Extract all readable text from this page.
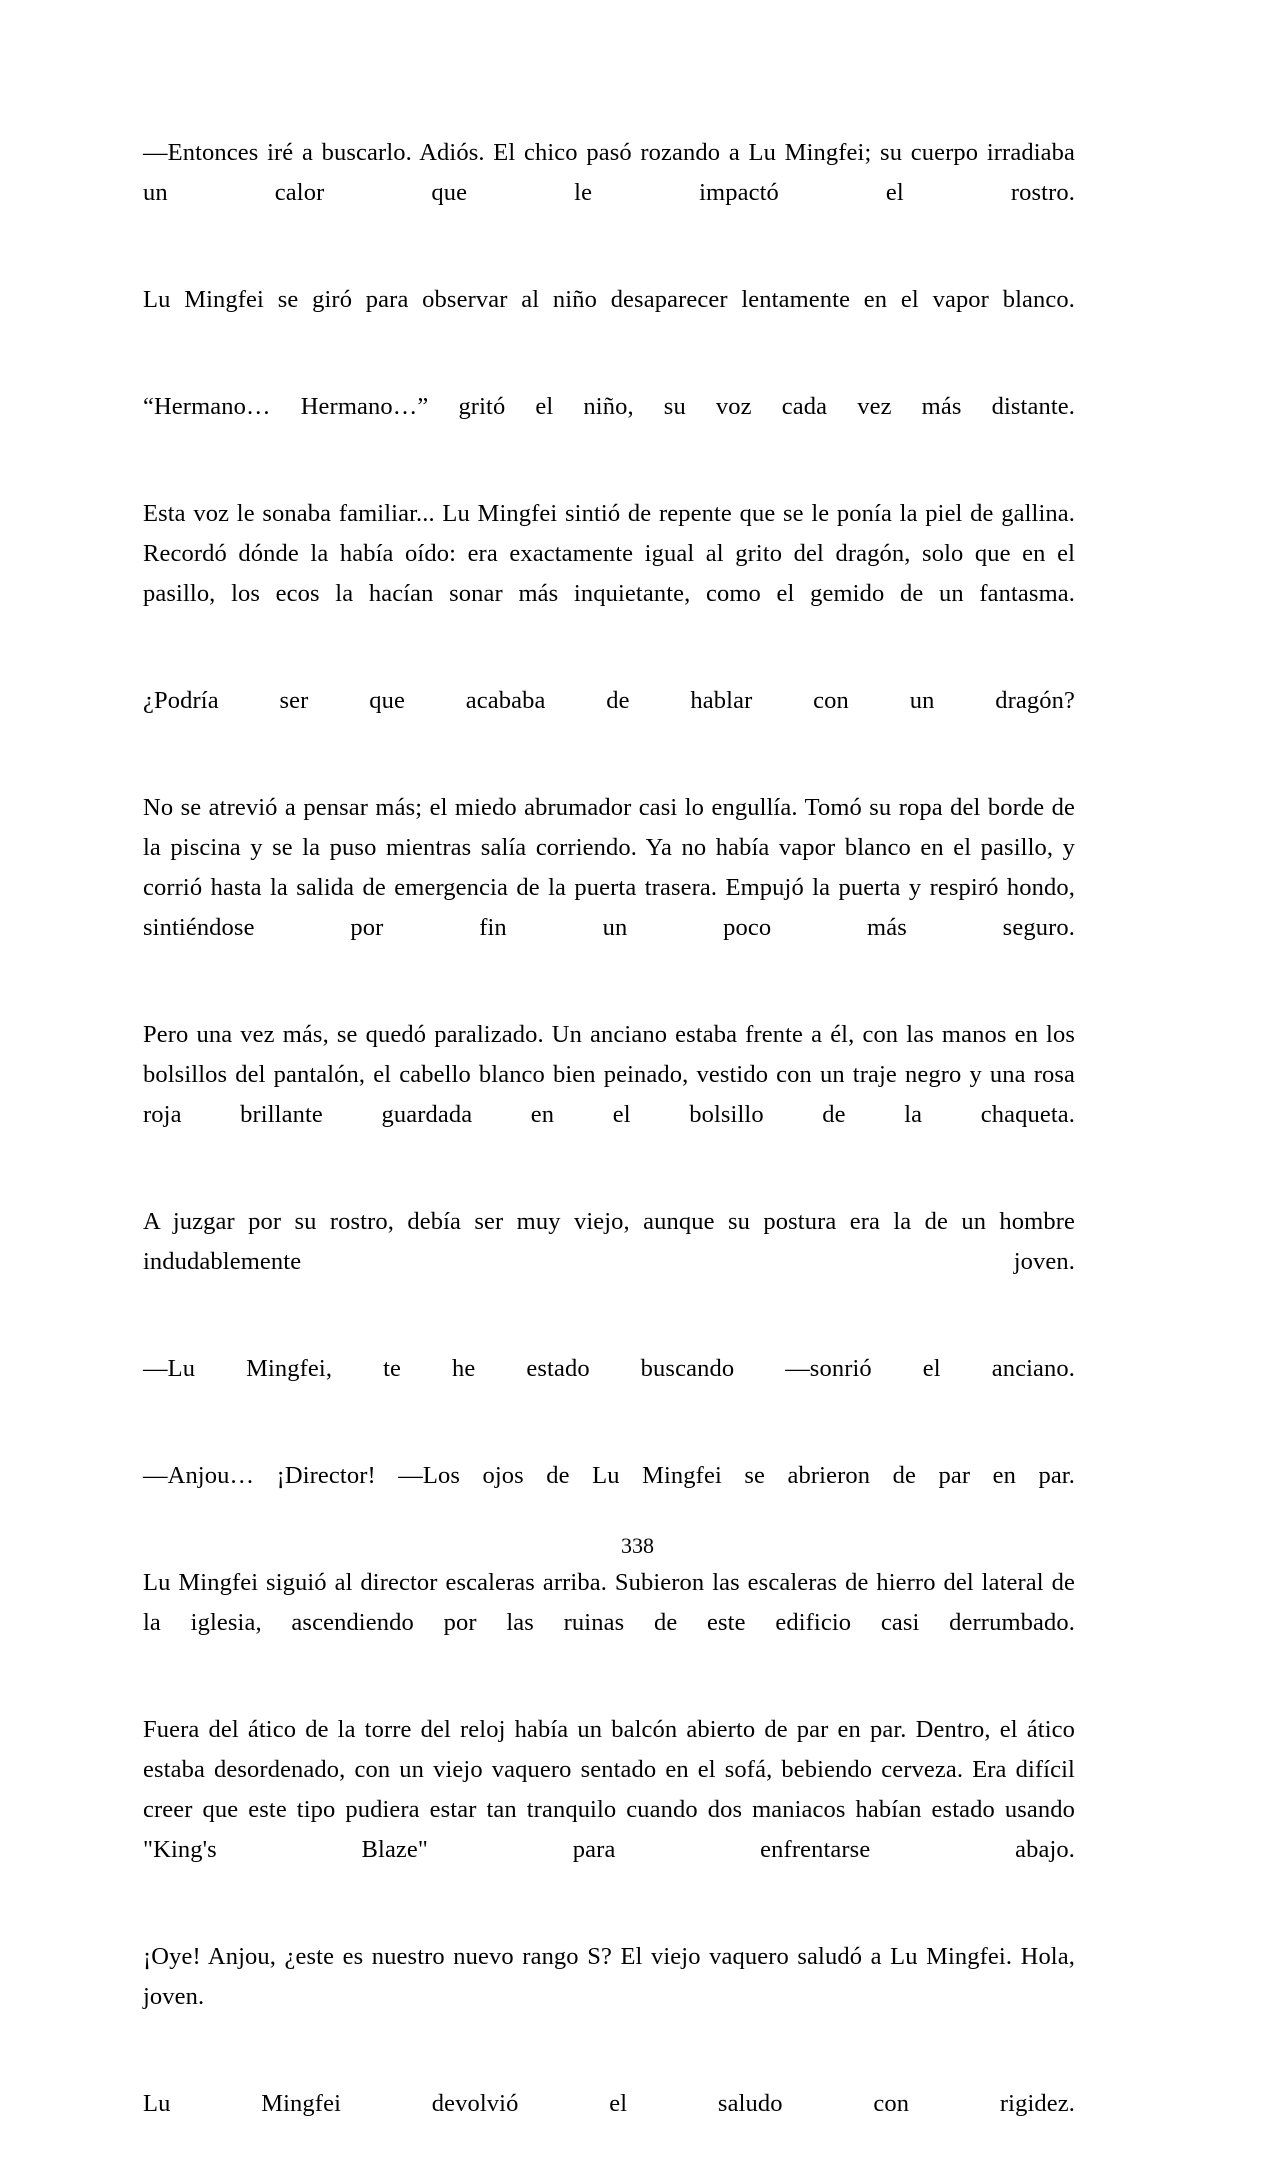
—Entonces iré a buscarlo. Adiós. El chico pasó rozando a Lu Mingfei; su cuerpo irradiaba un calor que le impactó el rostro.

Lu Mingfei se giró para observar al niño desaparecer lentamente en el vapor blanco.

“Hermano… Hermano…” gritó el niño, su voz cada vez más distante.

Esta voz le sonaba familiar... Lu Mingfei sintió de repente que se le ponía la piel de gallina. Recordó dónde la había oído: era exactamente igual al grito del dragón, solo que en el pasillo, los ecos la hacían sonar más inquietante, como el gemido de un fantasma.

¿Podría ser que acababa de hablar con un dragón?

No se atrevió a pensar más; el miedo abrumador casi lo engullía. Tomó su ropa del borde de la piscina y se la puso mientras salía corriendo. Ya no había vapor blanco en el pasillo, y corrió hasta la salida de emergencia de la puerta trasera. Empujó la puerta y respiró hondo, sintiéndose por fin un poco más seguro.

Pero una vez más, se quedó paralizado. Un anciano estaba frente a él, con las manos en los bolsillos del pantalón, el cabello blanco bien peinado, vestido con un traje negro y una rosa roja brillante guardada en el bolsillo de la chaqueta.

A juzgar por su rostro, debía ser muy viejo, aunque su postura era la de un hombre indudablemente joven.

—Lu Mingfei, te he estado buscando —sonrió el anciano.

—Anjou… ¡Director! —Los ojos de Lu Mingfei se abrieron de par en par.

Lu Mingfei siguió al director escaleras arriba. Subieron las escaleras de hierro del lateral de la iglesia, ascendiendo por las ruinas de este edificio casi derrumbado.

Fuera del ático de la torre del reloj había un balcón abierto de par en par. Dentro, el ático estaba desordenado, con un viejo vaquero sentado en el sofá, bebiendo cerveza. Era difícil creer que este tipo pudiera estar tan tranquilo cuando dos maniacos habían estado usando "King's Blaze" para enfrentarse abajo.

¡Oye! Anjou, ¿este es nuestro nuevo rango S? El viejo vaquero saludó a Lu Mingfei. Hola, joven.

Lu Mingfei devolvió el saludo con rigidez.

338
